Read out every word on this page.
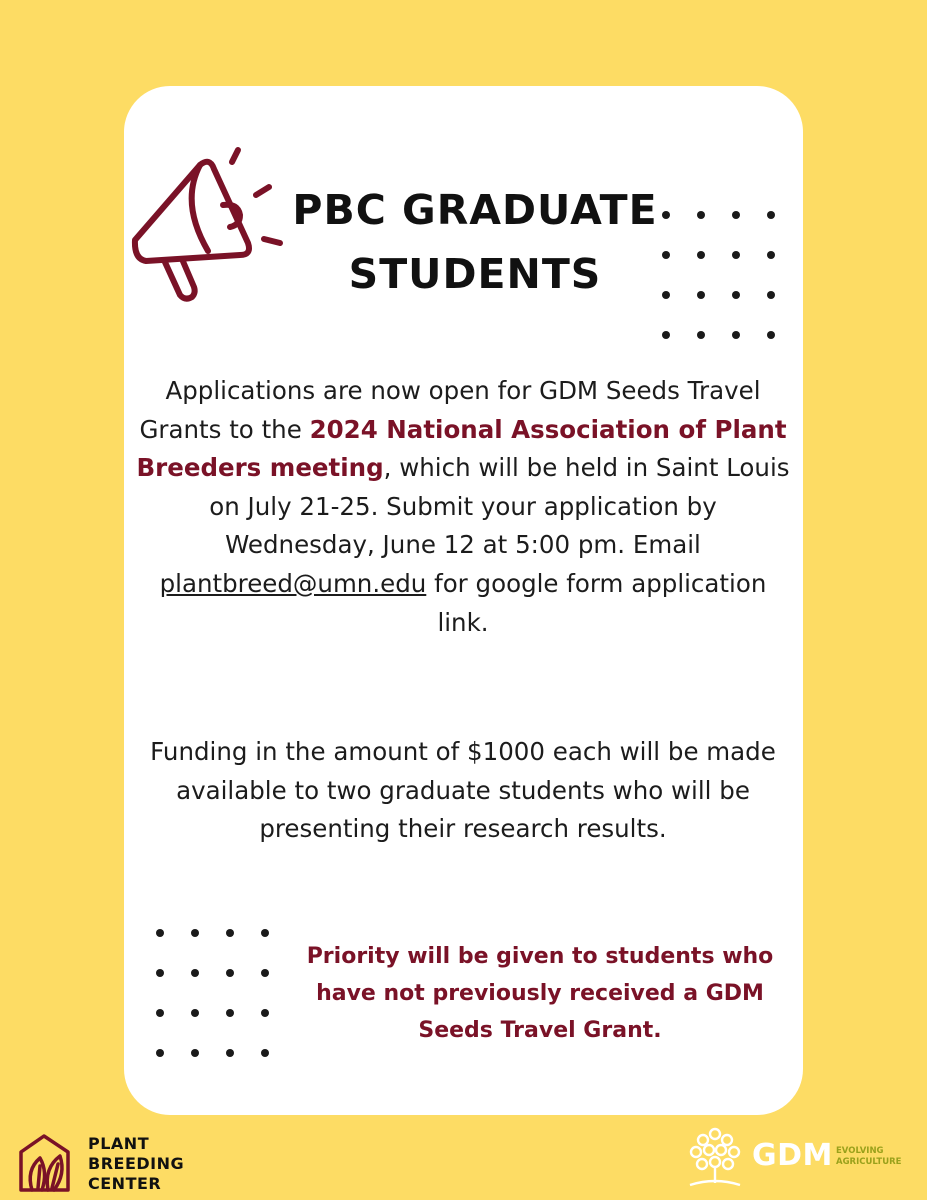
PBC GRADUATE STUDENTS

Applications are now open for GDM Seeds Travel Grants to the 2024 National Association of Plant Breeders meeting, which will be held in Saint Louis on July 21-25. Submit your application by Wednesday, June 12 at 5:00 pm. Email plantbreed@umn.edu for google form application link.

Funding in the amount of $1000 each will be made available to two graduate students who will be presenting their research results.

Priority will be given to students who have not previously received a GDM Seeds Travel Grant.

PLANT
BREEDING
CENTER

GDM EVOLVING
AGRICULTURE
